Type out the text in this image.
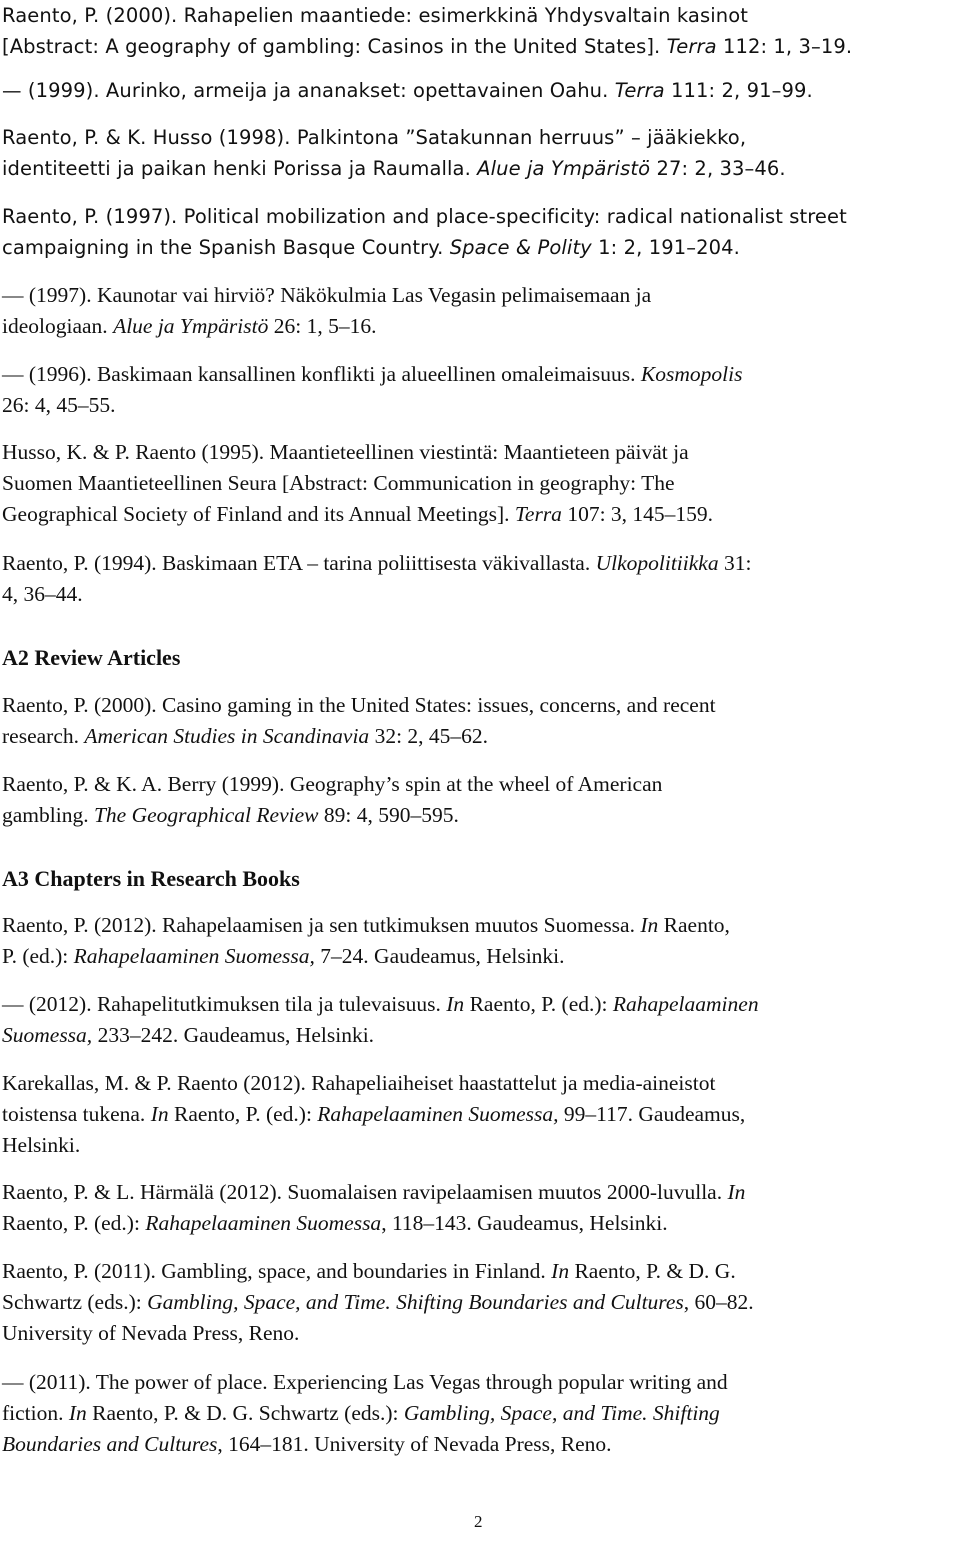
Raento, P. (2000). Rahapelien maantiede: esimerkkinä Yhdysvaltain kasinot
[Abstract: A geography of gambling: Casinos in the United States]. Terra 112: 1, 3–19.
— (1999). Aurinko, armeija ja ananakset: opettavainen Oahu. Terra 111: 2, 91–99.
Raento, P. & K. Husso (1998). Palkintona ”Satakunnan herruus” – jääkiekko,
identiteetti ja paikan henki Porissa ja Raumalla. Alue ja Ympäristö 27: 2, 33–46.
Raento, P. (1997). Political mobilization and place-specificity: radical nationalist street
campaigning in the Spanish Basque Country. Space & Polity 1: 2, 191–204.
— (1997). Kaunotar vai hirviö? Näkökulmia Las Vegasin pelimaisemaan ja
ideologiaan. Alue ja Ympäristö 26: 1, 5–16.
— (1996). Baskimaan kansallinen konflikti ja alueellinen omaleimaisuus. Kosmopolis
26: 4, 45–55.
Husso, K. & P. Raento (1995). Maantieteellinen viestintä: Maantieteen päivät ja
Suomen Maantieteellinen Seura [Abstract: Communication in geography: The
Geographical Society of Finland and its Annual Meetings]. Terra 107: 3, 145–159.
Raento, P. (1994). Baskimaan ETA – tarina poliittisesta väkivallasta. Ulkopolitiikka 31:
4, 36–44.
A2 Review Articles
Raento, P. (2000). Casino gaming in the United States: issues, concerns, and recent
research. American Studies in Scandinavia 32: 2, 45–62.
Raento, P. & K. A. Berry (1999). Geography’s spin at the wheel of American
gambling. The Geographical Review 89: 4, 590–595.
A3 Chapters in Research Books
Raento, P. (2012). Rahapelaamisen ja sen tutkimuksen muutos Suomessa. In Raento,
P. (ed.): Rahapelaaminen Suomessa, 7–24. Gaudeamus, Helsinki.
— (2012). Rahapelitutkimuksen tila ja tulevaisuus. In Raento, P. (ed.): Rahapelaaminen
Suomessa, 233–242. Gaudeamus, Helsinki.
Karekallas, M. & P. Raento (2012). Rahapeliaiheiset haastattelut ja media-aineistot
toistensa tukena. In Raento, P. (ed.): Rahapelaaminen Suomessa, 99–117. Gaudeamus,
Helsinki.
Raento, P. & L. Härmälä (2012). Suomalaisen ravipelaamisen muutos 2000-luvulla. In
Raento, P. (ed.): Rahapelaaminen Suomessa, 118–143. Gaudeamus, Helsinki.
Raento, P. (2011). Gambling, space, and boundaries in Finland. In Raento, P. & D. G.
Schwartz (eds.): Gambling, Space, and Time. Shifting Boundaries and Cultures, 60–82.
University of Nevada Press, Reno.
— (2011). The power of place. Experiencing Las Vegas through popular writing and
fiction. In Raento, P. & D. G. Schwartz (eds.): Gambling, Space, and Time. Shifting
Boundaries and Cultures, 164–181. University of Nevada Press, Reno.
2
